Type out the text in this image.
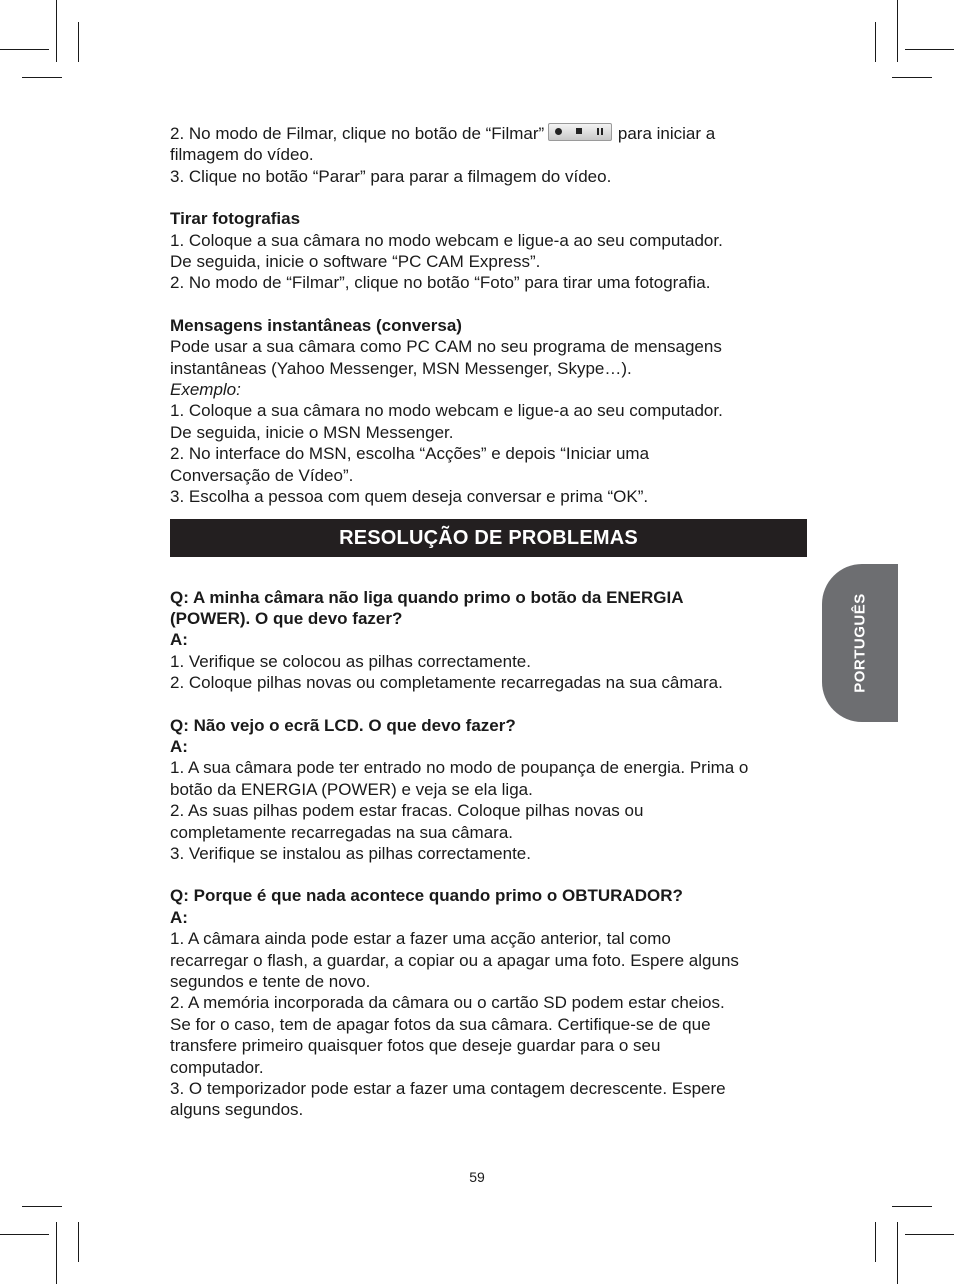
2. No modo de Filmar, clique no botão de “Filmar”	para iniciar a

filmagem do vídeo.

3. Clique no botão “Parar” para parar a filmagem do vídeo.

Tirar fotografias

1. Coloque a sua câmara no modo webcam e ligue-a ao seu computador.

De seguida, inicie o software “PC CAM Express”.

2. No modo de “Filmar”, clique no botão “Foto” para tirar uma fotografia.

Mensagens instantâneas (conversa)

Pode usar a sua câmara como PC CAM no seu programa de mensagens

instantâneas (Yahoo Messenger, MSN Messenger, Skype…).

Exemplo:

1. Coloque a sua câmara no modo webcam e ligue-a ao seu computador.

De seguida, inicie o MSN Messenger.

2. No interface do MSN, escolha “Acções” e depois “Iniciar uma

Conversação de Vídeo”.

3. Escolha a pessoa com quem deseja conversar e prima “OK”.

RESOLUÇÃO DE PROBLEMAS

Q: A minha câmara não liga quando primo o botão da ENERGIA

(POWER). O que devo fazer?

A:

1. Verifique se colocou as pilhas correctamente.

2. Coloque pilhas novas ou completamente recarregadas na sua câmara.

Q: Não vejo o ecrã LCD. O que devo fazer?

A:

1. A sua câmara pode ter entrado no modo de poupança de energia. Prima o

botão da ENERGIA (POWER) e veja se ela liga.

2. As suas pilhas podem estar fracas. Coloque pilhas novas ou

completamente recarregadas na sua câmara.

3. Verifique se instalou as pilhas correctamente.

Q: Porque é que nada acontece quando primo o OBTURADOR?

A:

1. A câmara ainda pode estar a fazer uma acção anterior, tal como

recarregar o flash, a guardar, a copiar ou a apagar uma foto. Espere alguns

segundos e tente de novo.

2. A memória incorporada da câmara ou o cartão SD podem estar cheios.

Se for o caso, tem de apagar fotos da sua câmara. Certifique-se de que

transfere primeiro quaisquer fotos que deseje guardar para o seu

computador.

3. O temporizador pode estar a fazer uma contagem decrescente. Espere

alguns segundos.

PORTUGUÊS
59
